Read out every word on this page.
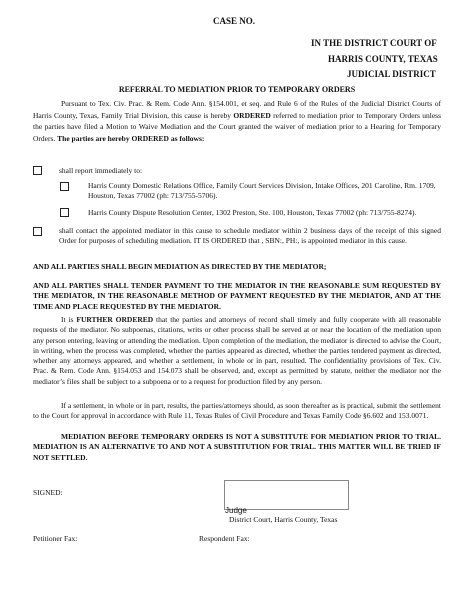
CASE NO.
IN THE DISTRICT COURT OF
HARRIS COUNTY, TEXAS
JUDICIAL DISTRICT
REFERRAL TO MEDIATION PRIOR TO TEMPORARY ORDERS
Pursuant to Tex. Civ. Prac. & Rem. Code Ann. §154.001, et seq. and Rule 6 of the Rules of the Judicial District Courts of Harris County, Texas, Family Trial Division, this cause is hereby ORDERED referred to mediation prior to Temporary Orders unless the parties have filed a Motion to Waive Mediation and the Court granted the waiver of mediation prior to a Hearing for Temporary Orders. The parties are hereby ORDERED as follows:
shall report immediately to:
Harris County Domestic Relations Office, Family Court Services Division, Intake Offices, 201 Caroline, Rm. 1709, Houston, Texas 77002 (ph: 713/755-5706).
Harris County Dispute Resolution Center, 1302 Preston, Ste. 100, Houston, Texas 77002 (ph: 713/755-8274).
shall contact the appointed mediator in this cause to schedule mediator within 2 business days of the receipt of this signed Order for purposes of scheduling mediation. IT IS ORDERED that , SBN:, PH:, is appointed mediator in this cause.
AND ALL PARTIES SHALL BEGIN MEDIATION AS DIRECTED BY THE MEDIATOR;
AND ALL PARTIES SHALL TENDER PAYMENT TO THE MEDIATOR IN THE REASONABLE SUM REQUESTED BY THE MEDIATOR, IN THE REASONABLE METHOD OF PAYMENT REQUESTED BY THE MEDIATOR, AND AT THE TIME AND PLACE REQUESTED BY THE MEDIATOR.
It is FURTHER ORDERED that the parties and attorneys of record shall timely and fully cooperate with all reasonable requests of the mediator. No subpoenas, citations, writs or other process shall be served at or near the location of the mediation upon any person entering, leaving or attending the mediation. Upon completion of the mediation, the mediator is directed to advise the Court, in writing, when the process was completed, whether the parties appeared as directed, whether the parties tendered payment as directed, whether any attorneys appeared, and whether a settlement, in whole or in part, resulted. The confidentiality provisions of Tex. Civ. Prac. & Rem. Code Ann. §154.053 and 154.073 shall be observed, and, except as permitted by statute, neither the mediator nor the mediator’s files shall be subject to a subpoena or to a request for production filed by any person.
If a settlement, in whole or in part, results, the parties/attorneys should, as soon thereafter as is practical, submit the settlement to the Court for approval in accordance with Rule 11, Texas Rules of Civil Procedure and Texas Family Code §6.602 and 153.0071.
MEDIATION BEFORE TEMPORARY ORDERS IS NOT A SUBSTITUTE FOR MEDIATION PRIOR TO TRIAL. MEDIATION IS AN ALTERNATIVE TO AND NOT A SUBSTITUTION FOR TRIAL. THIS MATTER WILL BE TRIED IF NOT SETTLED.
SIGNED:
Judge
District Court, Harris County, Texas
Petitioner Fax:	Respondent Fax:
